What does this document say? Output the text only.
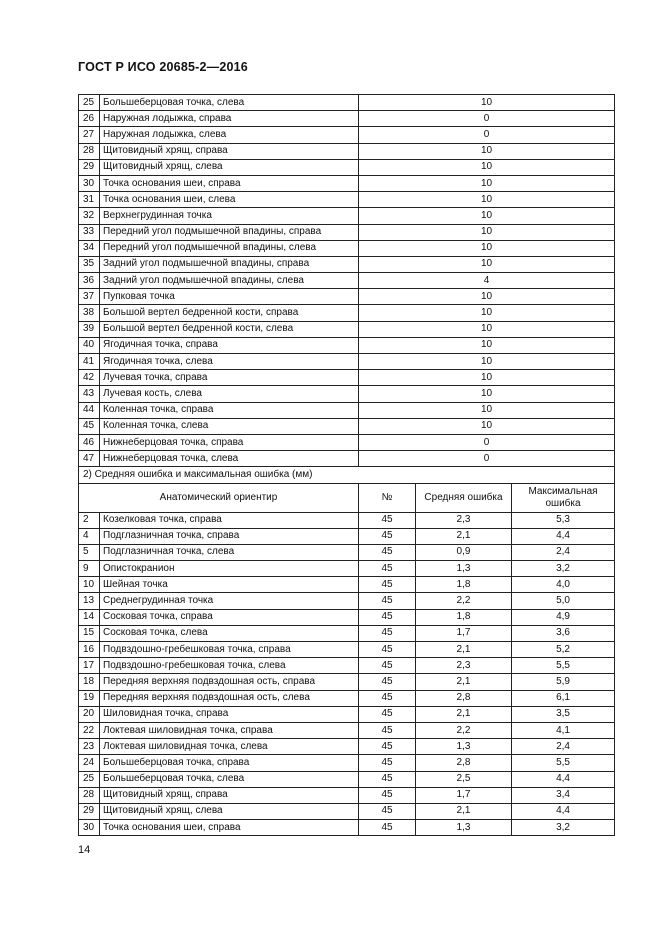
ГОСТ Р ИСО 20685-2—2016
25	Большеберцовая точка, слева	10		
26	Наружная лодыжка, справа	0		
27	Наружная лодыжка, слева	0		
28	Щитовидный хрящ, справа	10		
29	Щитовидный хрящ, слева	10		
30	Точка основания шеи, справа	10		
31	Точка основания шеи, слева	10		
32	Верхнегрудинная точка	10		
33	Передний угол подмышечной впадины, справа	10		
34	Передний угол подмышечной впадины, слева	10		
35	Задний угол подмышечной впадины, справа	10		
36	Задний угол подмышечной впадины, слева	4		
37	Пупковая точка	10		
38	Большой вертел бедренной кости, справа	10		
39	Большой вертел бедренной кости, слева	10		
40	Ягодичная точка, справа	10		
41	Ягодичная точка, слева	10		
42	Лучевая точка, справа	10		
43	Лучевая кость, слева	10		
44	Коленная точка, справа	10		
45	Коленная точка, слева	10		
46	Нижнеберцовая точка, справа	0		
47	Нижнеберцовая точка, слева	0		
2) Средняя ошибка и максимальная ошибка (мм)				
Анатомический ориентир		№	Средняя ошибка	Максимальная ошибка
2	Козелковая точка, справа	45	2,3	5,3
4	Подглазничная точка, справа	45	2,1	4,4
5	Подглазничная точка, слева	45	0,9	2,4
9	Опистокранион	45	1,3	3,2
10	Шейная точка	45	1,8	4,0
13	Среднегрудинная точка	45	2,2	5,0
14	Сосковая точка, справа	45	1,8	4,9
15	Сосковая точка, слева	45	1,7	3,6
16	Подвздошно-гребешковая точка, справа	45	2,1	5,2
17	Подвздошно-гребешковая точка, слева	45	2,3	5,5
18	Передняя верхняя подвздошная ость, справа	45	2,1	5,9
19	Передняя верхняя подвздошная ость, слева	45	2,8	6,1
20	Шиловидная точка, справа	45	2,1	3,5
22	Локтевая шиловидная точка, справа	45	2,2	4,1
23	Локтевая шиловидная точка, слева	45	1,3	2,4
24	Большеберцовая точка, справа	45	2,8	5,5
25	Большеберцовая точка, слева	45	2,5	4,4
28	Щитовидный хрящ, справа	45	1,7	3,4
29	Щитовидный хрящ, слева	45	2,1	4,4
30	Точка основания шеи, справа	45	1,3	3,2
14
